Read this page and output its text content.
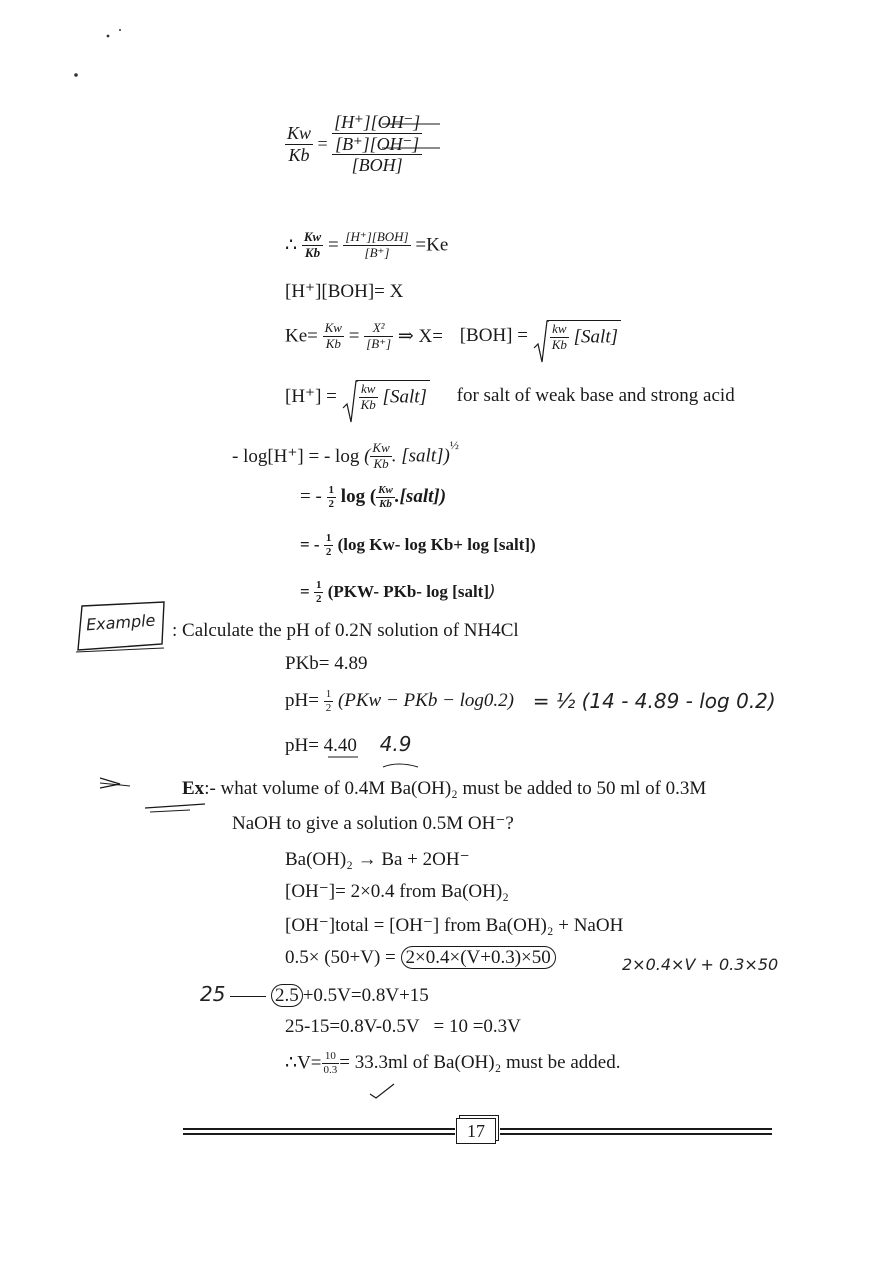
$\frac{Kw}{Kb}$ =
[H⁺][OH⁻]
[B⁺][OH⁻]
[BOH]
∴ $\frac{Kw}{Kb} = \frac{\text{[H⁺][BOH]}}{[B^+]} =Ke$
[H⁺][BOH]= X
$Ke= \frac{Kw}{Kb} = \frac{\text{X²}}{[B^+]}$ ⇒ $X= [BOH] = \frac{kw}{Kb}$ [Salt]
$[H^+] = \frac{kw}{Kb}$ [Salt] for salt of weak base and strong acid
- log[H⁺] = - log ( $\frac{Kw}{Kb}$ . [salt])$^{\frac{1}{2}}$
= - $\frac{1}{2}$ log ( $\frac{Kw}{Kb}$ .[salt])
= - $\frac{1}{2} (\log$ Kw- log Kb+ log [salt])
= $\frac{1}{2} (PKW-$ PKb- log [salt])
Example : Calculate the pH of 0.2N solution of NH4Cl
PKb= 4.89
$pH= \frac{1}{2} (PKw$ − PKb − log0.2) = ½ (14 - 4.89 - log 0.2)
pH= 4.40 4.9
Ex:- what volume of 0.4M Ba(OH)₂ must be added to 50 ml of 0.3M
NaOH to give a solution 0.5M OH⁻?
Ba(OH)₂ → Ba + 2OH⁻
[OH⁻]= 2×0.4 from Ba(OH)₂
[OH⁻]total = [OH⁻] from Ba(OH)₂ + NaOH
0.5× (50+V) = 2×0.4×(V+0.3)×50	2×0.4×V + 0.3×50
25	2.5 +0.5V=0.8V+15
25-15=0.8V-0.5V   = 10 =0.3V
∴V= $\frac{10}{0.3} = 33.3ml$ of Ba(OH)₂ must be added.
17
